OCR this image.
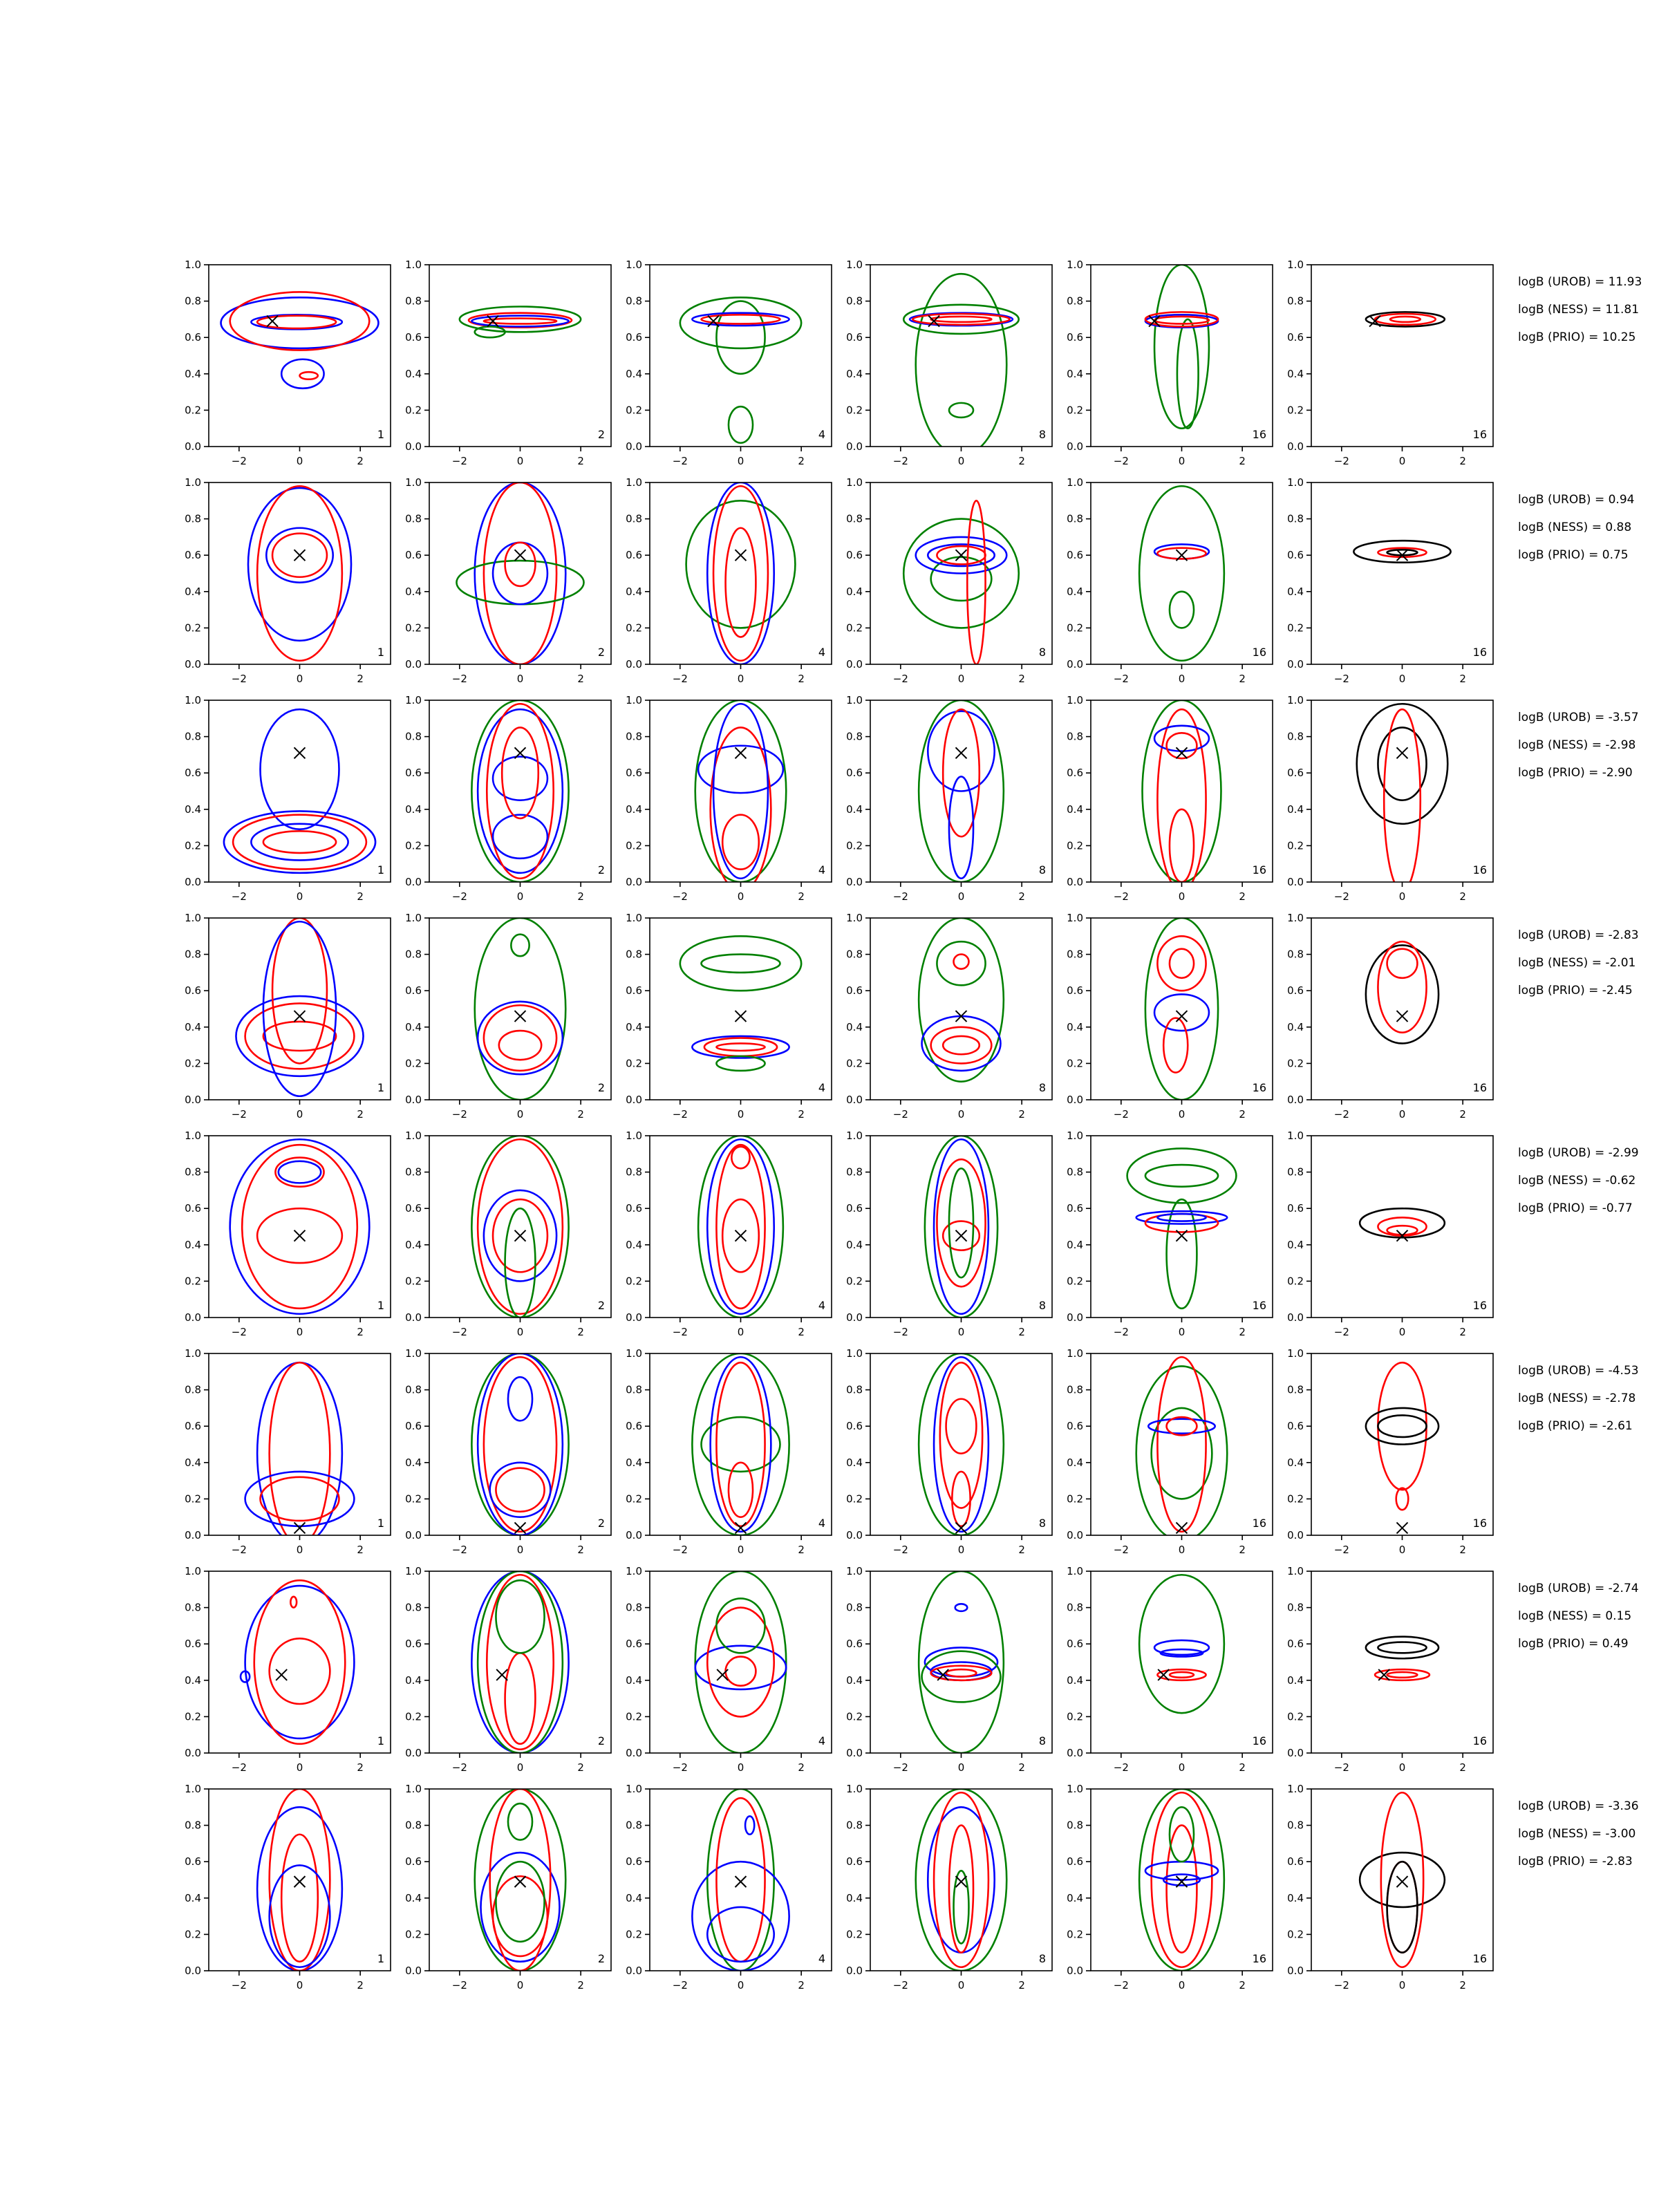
0.0
0.2
0.4
0.6
0.8
1.0
−2	0	2
1
0.0
0.2
0.4
0.6
0.8
1.0
−2	0	2
2
0.0
0.2
0.4
0.6
0.8
1.0
−2	0	2
4
0.0
0.2
0.4
0.6
0.8
1.0
−2	0	2
8
0.0
0.2
0.4
0.6
0.8
1.0
−2	0	2
16
0.0
0.2
0.4
0.6
0.8
1.0
−2	0	2
16
logB (UROB) = 11.93
logB (NESS) = 11.81
logB (PRIO) = 10.25
0.0
0.2
0.4
0.6
0.8
1.0
−2	0	2
1
0.0
0.2
0.4
0.6
0.8
1.0
−2	0	2
2
0.0
0.2
0.4
0.6
0.8
1.0
−2	0	2
4
0.0
0.2
0.4
0.6
0.8
1.0
−2	0	2
8
0.0
0.2
0.4
0.6
0.8
1.0
−2	0	2
16
0.0
0.2
0.4
0.6
0.8
1.0
−2	0	2
16
logB (UROB) = 0.94
logB (NESS) = 0.88
logB (PRIO) = 0.75
0.0
0.2
0.4
0.6
0.8
1.0
−2	0	2
1
0.0
0.2
0.4
0.6
0.8
1.0
−2	0	2
2
0.0
0.2
0.4
0.6
0.8
1.0
−2	0	2
4
0.0
0.2
0.4
0.6
0.8
1.0
−2	0	2
8
0.0
0.2
0.4
0.6
0.8
1.0
−2	0	2
16
0.0
0.2
0.4
0.6
0.8
1.0
−2	0	2
16
logB (UROB) = -3.57
logB (NESS) = -2.98
logB (PRIO) = -2.90
0.0
0.2
0.4
0.6
0.8
1.0
−2	0	2
1
0.0
0.2
0.4
0.6
0.8
1.0
−2	0	2
2
0.0
0.2
0.4
0.6
0.8
1.0
−2	0	2
4
0.0
0.2
0.4
0.6
0.8
1.0
−2	0	2
8
0.0
0.2
0.4
0.6
0.8
1.0
−2	0	2
16
0.0
0.2
0.4
0.6
0.8
1.0
−2	0	2
16
logB (UROB) = -2.83
logB (NESS) = -2.01
logB (PRIO) = -2.45
0.0
0.2
0.4
0.6
0.8
1.0
−2	0	2
1
0.0
0.2
0.4
0.6
0.8
1.0
−2	0	2
2
0.0
0.2
0.4
0.6
0.8
1.0
−2	0	2
4
0.0
0.2
0.4
0.6
0.8
1.0
−2	0	2
8
0.0
0.2
0.4
0.6
0.8
1.0
−2	0	2
16
0.0
0.2
0.4
0.6
0.8
1.0
−2	0	2
16
logB (UROB) = -2.99
logB (NESS) = -0.62
logB (PRIO) = -0.77
0.0
0.2
0.4
0.6
0.8
1.0
−2	0	2
1
0.0
0.2
0.4
0.6
0.8
1.0
−2	0	2
2
0.0
0.2
0.4
0.6
0.8
1.0
−2	0	2
4
0.0
0.2
0.4
0.6
0.8
1.0
−2	0	2
8
0.0
0.2
0.4
0.6
0.8
1.0
−2	0	2
16
0.0
0.2
0.4
0.6
0.8
1.0
−2	0	2
16
logB (UROB) = -4.53
logB (NESS) = -2.78
logB (PRIO) = -2.61
0.0
0.2
0.4
0.6
0.8
1.0
−2	0	2
1
0.0
0.2
0.4
0.6
0.8
1.0
−2	0	2
2
0.0
0.2
0.4
0.6
0.8
1.0
−2	0	2
4
0.0
0.2
0.4
0.6
0.8
1.0
−2	0	2
8
0.0
0.2
0.4
0.6
0.8
1.0
−2	0	2
16
0.0
0.2
0.4
0.6
0.8
1.0
−2	0	2
16
logB (UROB) = -2.74
logB (NESS) = 0.15
logB (PRIO) = 0.49
0.0
0.2
0.4
0.6
0.8
1.0
−2	0	2
1
0.0
0.2
0.4
0.6
0.8
1.0
−2	0	2
2
0.0
0.2
0.4
0.6
0.8
1.0
−2	0	2
4
0.0
0.2
0.4
0.6
0.8
1.0
−2	0	2
8
0.0
0.2
0.4
0.6
0.8
1.0
−2	0	2
16
0.0
0.2
0.4
0.6
0.8
1.0
−2	0	2
16
logB (UROB) = -3.36
logB (NESS) = -3.00
logB (PRIO) = -2.83
